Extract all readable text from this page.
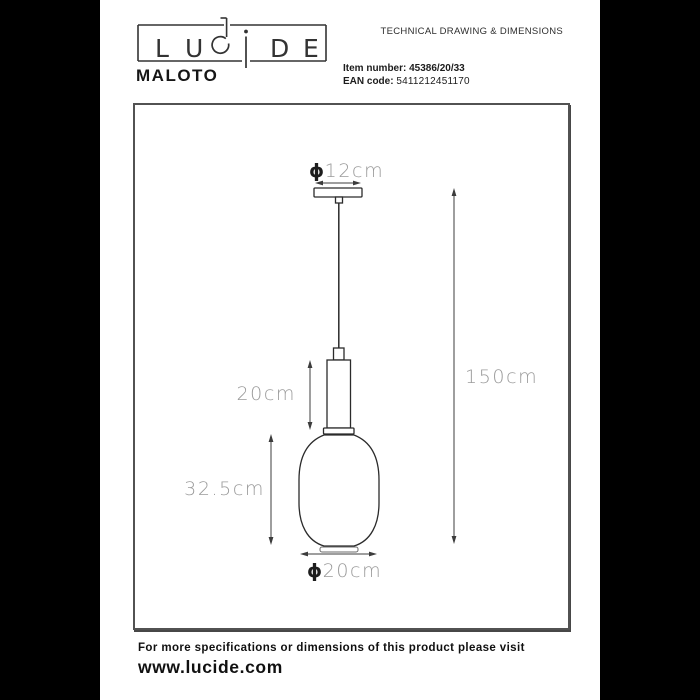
L U	D E
TECHNICAL DRAWING & DIMENSIONS
MALOTO	Item number: 45386/20/33
EAN code: 5411212451170
ϕ12cm
150cm
20cm
32.5cm
ϕ20cm
For more specifications or dimensions of this product please visit
www.lucide.com
